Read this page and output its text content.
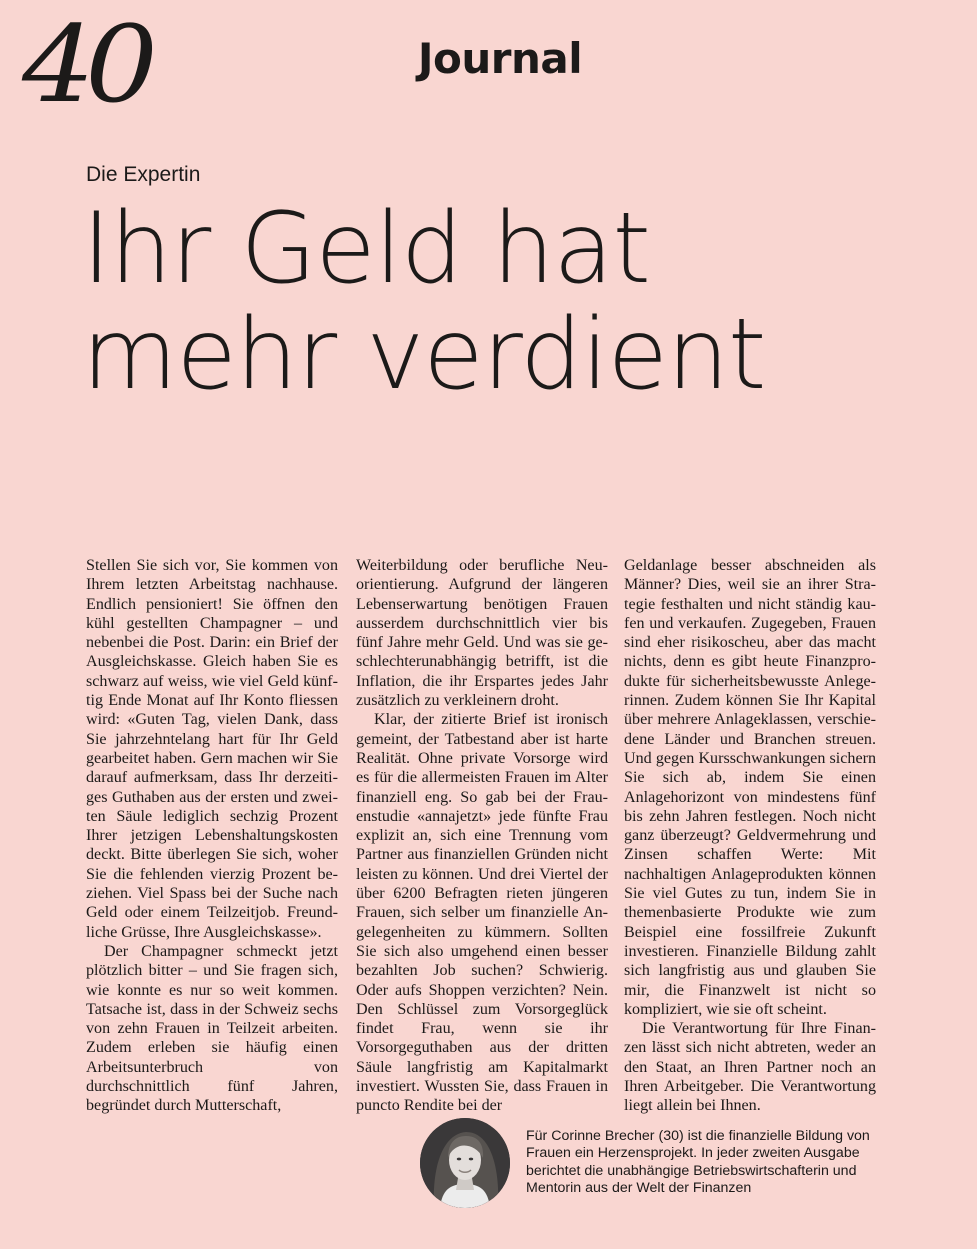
40	Journal
Die Expertin
Ihr Geld hat
mehr verdient

Stellen Sie sich vor, Sie kommen von Ihrem letzten Arbeitstag nachhause. Endlich pensioniert! Sie öffnen den kühl gestellten Champagner – und nebenbei die Post. Darin: ein Brief der Ausgleichskasse. Gleich haben Sie es schwarz auf weiss, wie viel Geld künftig Ende Monat auf Ihr Konto fliessen wird: «Guten Tag, vielen Dank, dass Sie jahrzehntelang hart für Ihr Geld gearbeitet haben. Gern machen wir Sie darauf aufmerksam, dass Ihr derzeitiges Guthaben aus der ersten und zweiten Säule lediglich sechzig Prozent Ihrer jetzigen Lebenshaltungskosten deckt. Bitte überlegen Sie sich, woher Sie die fehlenden vierzig Prozent beziehen. Viel Spass bei der Suche nach Geld oder einem Teilzeitjob. Freundliche Grüsse, Ihre Ausgleichskasse».

Der Champagner schmeckt jetzt plötzlich bitter – und Sie fragen sich, wie konnte es nur so weit kommen. Tatsache ist, dass in der Schweiz sechs von zehn Frauen in Teilzeit arbeiten. Zudem erleben sie häufig einen Arbeitsunterbruch von durchschnittlich fünf Jahren, begründet durch Mutterschaft,

Weiterbildung oder berufliche Neuorientierung. Aufgrund der längeren Lebenserwartung benötigen Frauen ausserdem durchschnittlich vier bis fünf Jahre mehr Geld. Und was sie geschlechterunabhängig betrifft, ist die Inflation, die ihr Erspartes jedes Jahr zusätzlich zu verkleinern droht.

Klar, der zitierte Brief ist ironisch gemeint, der Tatbestand aber ist harte Realität. Ohne private Vorsorge wird es für die allermeisten Frauen im Alter finanziell eng. So gab bei der Frauenstudie «annajetzt» jede fünfte Frau explizit an, sich eine Trennung vom Partner aus finanziellen Gründen nicht leisten zu können. Und drei Viertel der über 6200 Befragten rieten jüngeren Frauen, sich selber um finanzielle Angelegenheiten zu kümmern. Sollten Sie sich also umgehend einen besser bezahlten Job suchen? Schwierig. Oder aufs Shoppen verzichten? Nein. Den Schlüssel zum Vorsorgeglück findet Frau, wenn sie ihr Vorsorgeguthaben aus der dritten Säule langfristig am Kapitalmarkt investiert. Wussten Sie, dass Frauen in puncto Rendite bei der

Geldanlage besser abschneiden als Männer? Dies, weil sie an ihrer Strategie festhalten und nicht ständig kaufen und verkaufen. Zugegeben, Frauen sind eher risikoscheu, aber das macht nichts, denn es gibt heute Finanzprodukte für sicherheitsbewusste Anlegerinnen. Zudem können Sie Ihr Kapital über mehrere Anlageklassen, verschiedene Länder und Branchen streuen. Und gegen Kursschwankungen sichern Sie sich ab, indem Sie einen Anlagehorizont von mindestens fünf bis zehn Jahren festlegen. Noch nicht ganz überzeugt? Geldvermehrung und Zinsen schaffen Werte: Mit nachhaltigen Anlageprodukten können Sie viel Gutes zu tun, indem Sie in themenbasierte Produkte wie zum Beispiel eine fossilfreie Zukunft investieren. Finanzielle Bildung zahlt sich langfristig aus und glauben Sie mir, die Finanzwelt ist nicht so kompliziert, wie sie oft scheint.

Die Verantwortung für Ihre Finanzen lässt sich nicht abtreten, weder an den Staat, an Ihren Partner noch an Ihren Arbeitgeber. Die Verantwortung liegt allein bei Ihnen.

Für Corinne Brecher (30) ist die finanzielle Bildung von Frauen ein Herzensprojekt. In jeder zweiten Ausgabe berichtet die unabhängige Betriebswirtschafterin und Mentorin aus der Welt der Finanzen
